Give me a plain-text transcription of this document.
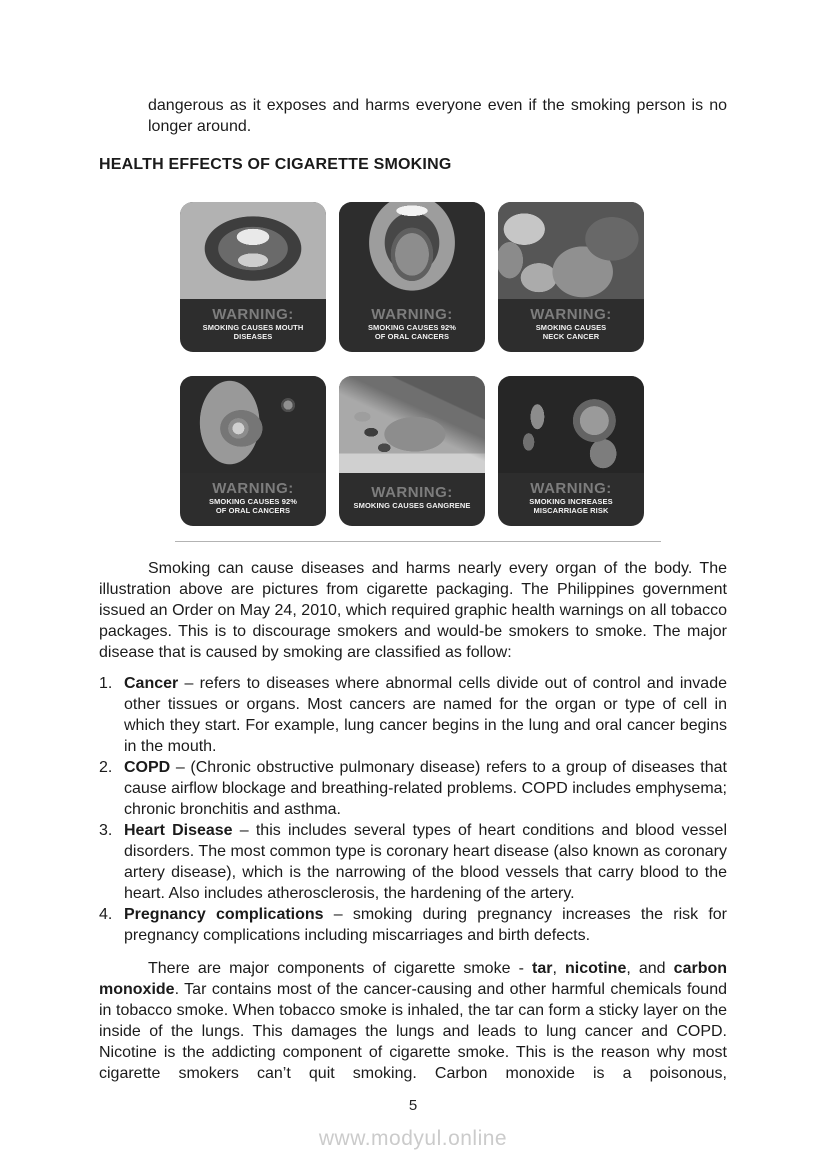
dangerous as it exposes and harms everyone even if the smoking person is no longer around.
HEALTH EFFECTS OF CIGARETTE SMOKING
WARNING:
SMOKING CAUSES MOUTH DISEASES
WARNING:
SMOKING CAUSES 92% OF ORAL CANCERS
WARNING:
SMOKING CAUSES NECK CANCER
WARNING:
SMOKING CAUSES 92% OF ORAL CANCERS
WARNING:
SMOKING CAUSES GANGRENE
WARNING:
SMOKING INCREASES MISCARRIAGE RISK
Smoking can cause diseases and harms nearly every organ of the body. The illustration above are pictures from cigarette packaging. The Philippines government issued an Order on May 24, 2010, which required graphic health warnings on all tobacco packages. This is to discourage smokers and would-be smokers to smoke. The major disease that is caused by smoking are classified as follow:
1. Cancer – refers to diseases where abnormal cells divide out of control and invade other tissues or organs. Most cancers are named for the organ or type of cell in which they start. For example, lung cancer begins in the lung and oral cancer begins in the mouth.
2. COPD – (Chronic obstructive pulmonary disease) refers to a group of diseases that cause airflow blockage and breathing-related problems. COPD includes emphysema; chronic bronchitis and asthma.
3. Heart Disease – this includes several types of heart conditions and blood vessel disorders. The most common type is coronary heart disease (also known as coronary artery disease), which is the narrowing of the blood vessels that carry blood to the heart. Also includes atherosclerosis, the hardening of the artery.
4. Pregnancy complications – smoking during pregnancy increases the risk for pregnancy complications including miscarriages and birth defects.
There are major components of cigarette smoke - tar, nicotine, and carbon monoxide. Tar contains most of the cancer-causing and other harmful chemicals found in tobacco smoke. When tobacco smoke is inhaled, the tar can form a sticky layer on the inside of the lungs. This damages the lungs and leads to lung cancer and COPD. Nicotine is the addicting component of cigarette smoke. This is the reason why most cigarette smokers can’t quit smoking. Carbon monoxide is a poisonous,
5
www.modyul.online
